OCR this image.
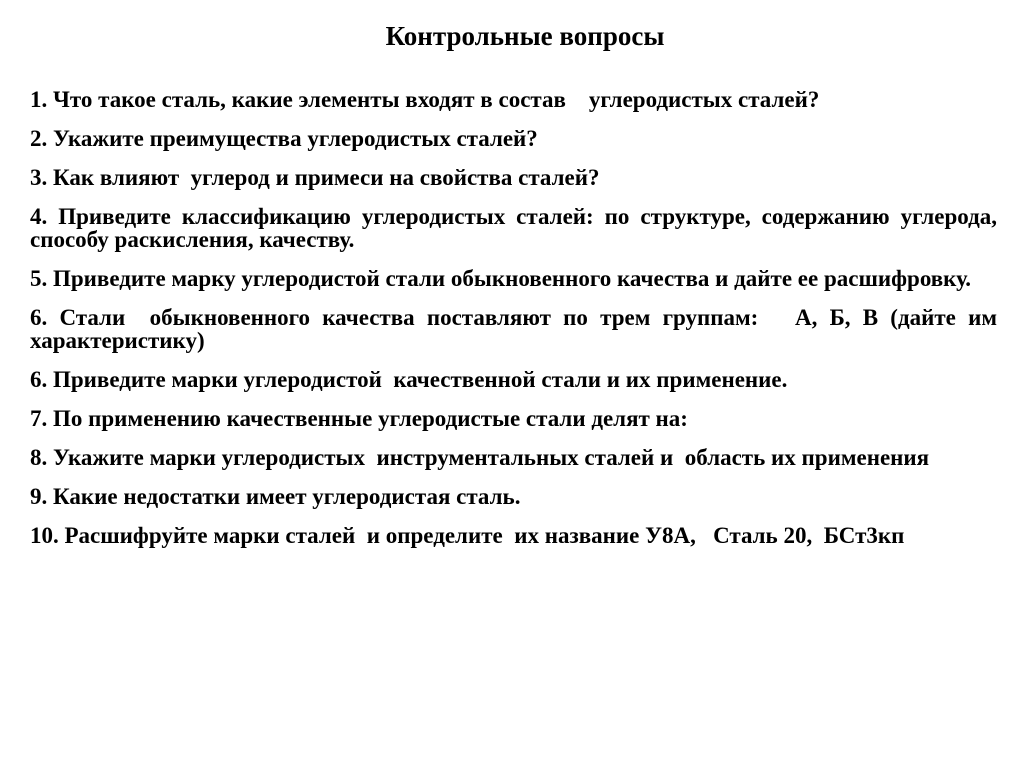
Контрольные вопросы
1. Что такое сталь, какие элементы входят в состав    углеродистых сталей?
2. Укажите преимущества углеродистых сталей?
3. Как влияют  углерод и примеси на свойства сталей?
4. Приведите классификацию углеродистых сталей: по структуре, содержанию углерода, способу раскисления, качеству.
5. Приведите марку углеродистой стали обыкновенного качества и дайте ее расшифровку.
6. Стали  обыкновенного качества поставляют по трем группам:   А, Б, В (дайте им характеристику)
6. Приведите марки углеродистой  качественной стали и их применение.
7. По применению качественные углеродистые стали делят на:
8. Укажите марки углеродистых  инструментальных сталей и  область их применения
9. Какие недостатки имеет углеродистая сталь.
10. Расшифруйте марки сталей  и определите  их название У8А,   Сталь 20,  БСт3кп
